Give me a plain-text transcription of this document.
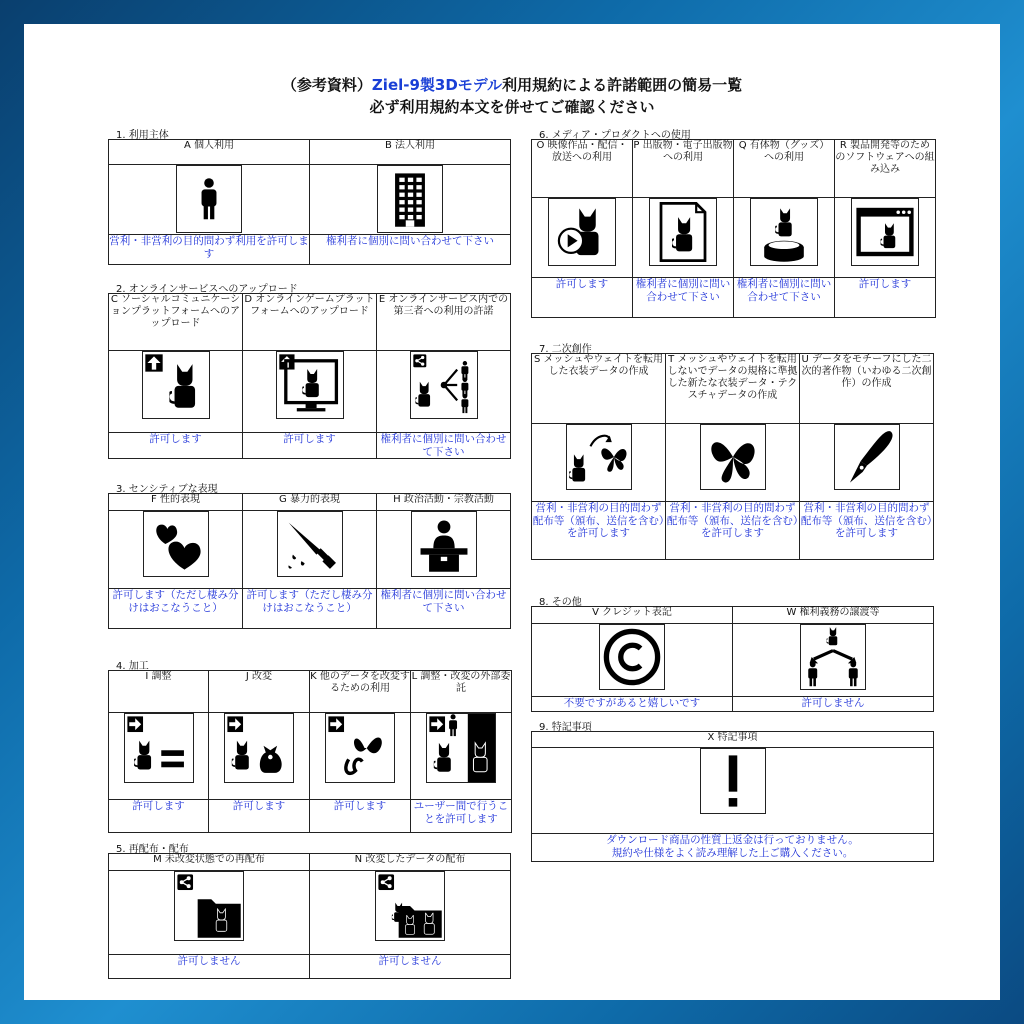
（参考資料）Ziel-9製3Dモデル利用規約による許諾範囲の簡易一覧
必ず利用規約本文を併せてご確認ください
1. 利用主体
A 個人利用	B 法人利用

営利・非営利の目的問わず利用を許可します	権利者に個別に問い合わせて下さい
2. オンラインサービスへのアップロード
C ソーシャルコミュニケーションプラットフォームへのアップロード	D オンラインゲームプラットフォームへのアップロード	E オンラインサービス内での第三者への利用の許諾

許可します	許可します	権利者に個別に問い合わせて下さい
3. センシティブな表現
F 性的表現	G 暴力的表現	H 政治活動・宗教活動

許可します（ただし棲み分けはおこなうこと）	許可します（ただし棲み分けはおこなうこと）	権利者に個別に問い合わせて下さい
4. 加工
I 調整	J 改変	K 他のデータを改変するための利用	L 調整・改変の外部委託

許可します	許可します	許可します	ユーザー間で行うことを許可します
5. 再配布・配布
M 未改変状態での再配布	N 改変したデータの配布

許可しません	許可しません
6. メディア・プロダクトへの使用
O 映像作品・配信・放送への利用	P 出版物・電子出版物への利用	Q 有体物（グッズ）への利用	R 製品開発等のためのソフトウェアへの組み込み

許可します	権利者に個別に問い合わせて下さい	権利者に個別に問い合わせて下さい	許可します
7. 二次創作
S メッシュやウェイトを転用した衣装データの作成	T メッシュやウェイトを転用しないでデータの規格に準拠した新たな衣装データ・テクスチャデータの作成	U データをモチーフにした二次的著作物（いわゆる二次創作）の作成

営利・非営利の目的問わず配布等（頒布、送信を含む）を許可します	営利・非営利の目的問わず配布等（頒布、送信を含む）を許可します	営利・非営利の目的問わず配布等（頒布、送信を含む）を許可します
8. その他
V クレジット表記	W 権利義務の譲渡等

不要ですがあると嬉しいです	許可しません
9. 特記事項
X 特記事項

ダウンロード商品の性質上返金は行っておりません。
規約や仕様をよく読み理解した上ご購入ください。
